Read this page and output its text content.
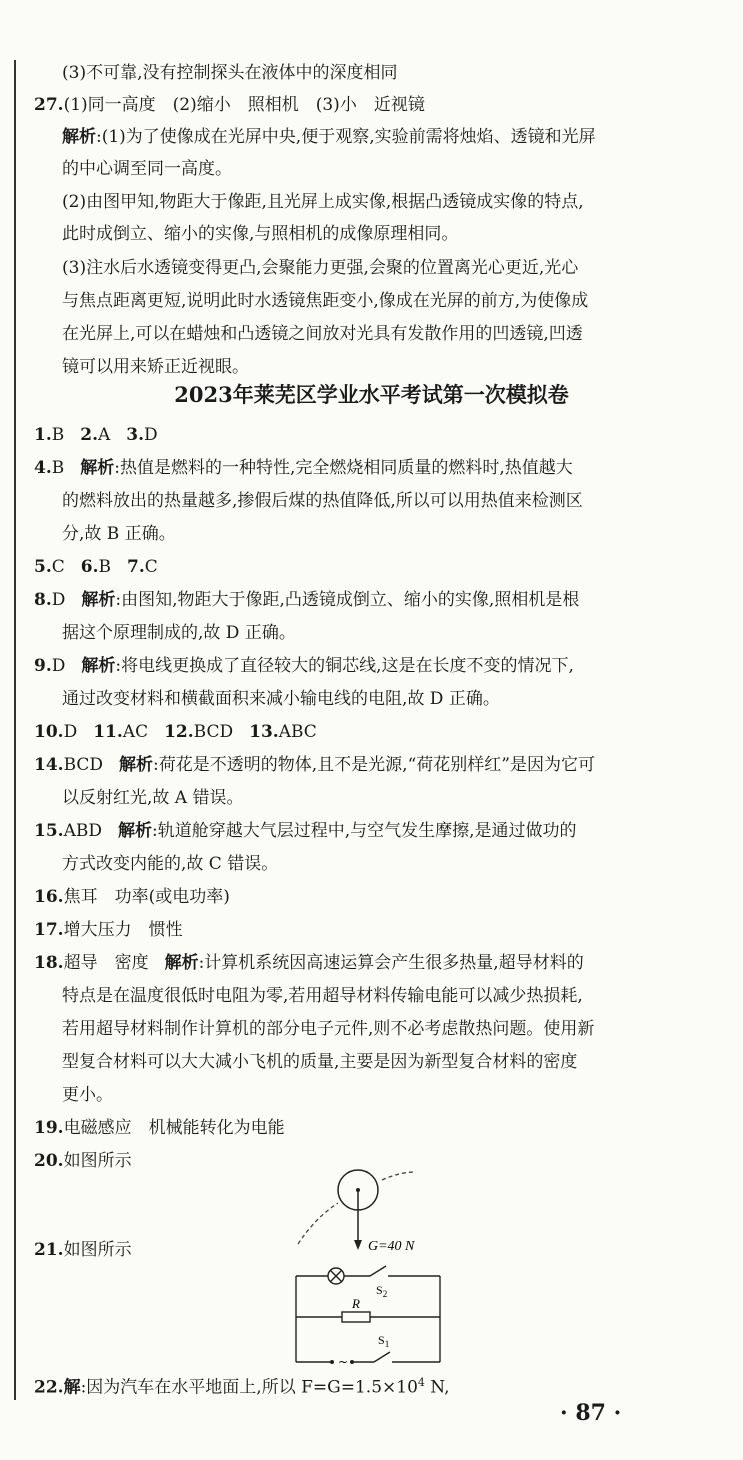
(3)不可靠,没有控制探头在液体中的深度相同
27.(1)同一高度　(2)缩小　照相机　(3)小　近视镜
解析:(1)为了使像成在光屏中央,便于观察,实验前需将烛焰、透镜和光屏
的中心调至同一高度。
(2)由图甲知,物距大于像距,且光屏上成实像,根据凸透镜成实像的特点,
此时成倒立、缩小的实像,与照相机的成像原理相同。
(3)注水后水透镜变得更凸,会聚能力更强,会聚的位置离光心更近,光心
与焦点距离更短,说明此时水透镜焦距变小,像成在光屏的前方,为使像成
在光屏上,可以在蜡烛和凸透镜之间放对光具有发散作用的凹透镜,凹透
镜可以用来矫正近视眼。
2023年莱芜区学业水平考试第一次模拟卷
1.B 2.A 3.D
4.B 解析:热值是燃料的一种特性,完全燃烧相同质量的燃料时,热值越大
的燃料放出的热量越多,掺假后煤的热值降低,所以可以用热值来检测区
分,故 B 正确。
5.C 6.B 7.C
8.D 解析:由图知,物距大于像距,凸透镜成倒立、缩小的实像,照相机是根
据这个原理制成的,故 D 正确。
9.D 解析:将电线更换成了直径较大的铜芯线,这是在长度不变的情况下,
通过改变材料和横截面积来减小输电线的电阻,故 D 正确。
10.D 11.AC 12.BCD 13.ABC
14.BCD 解析:荷花是不透明的物体,且不是光源,“荷花别样红”是因为它可
以反射红光,故 A 错误。
15.ABD 解析:轨道舱穿越大气层过程中,与空气发生摩擦,是通过做功的
方式改变内能的,故 C 错误。
16.焦耳　功率(或电功率)
17.增大压力　惯性
18.超导　密度 解析:计算机系统因高速运算会产生很多热量,超导材料的
特点是在温度很低时电阻为零,若用超导材料传输电能可以减少热损耗,
若用超导材料制作计算机的部分电子元件,则不必考虑散热问题。使用新
型复合材料可以大大减小飞机的质量,主要是因为新型复合材料的密度
更小。
19.电磁感应　机械能转化为电能
20.如图所示
G=40 N
21.如图所示
~
$S_2$
R
$S_1$
22.解:因为汽车在水平地面上,所以 $F=G=1.5\times 10^4$ N,
· 87 ·
